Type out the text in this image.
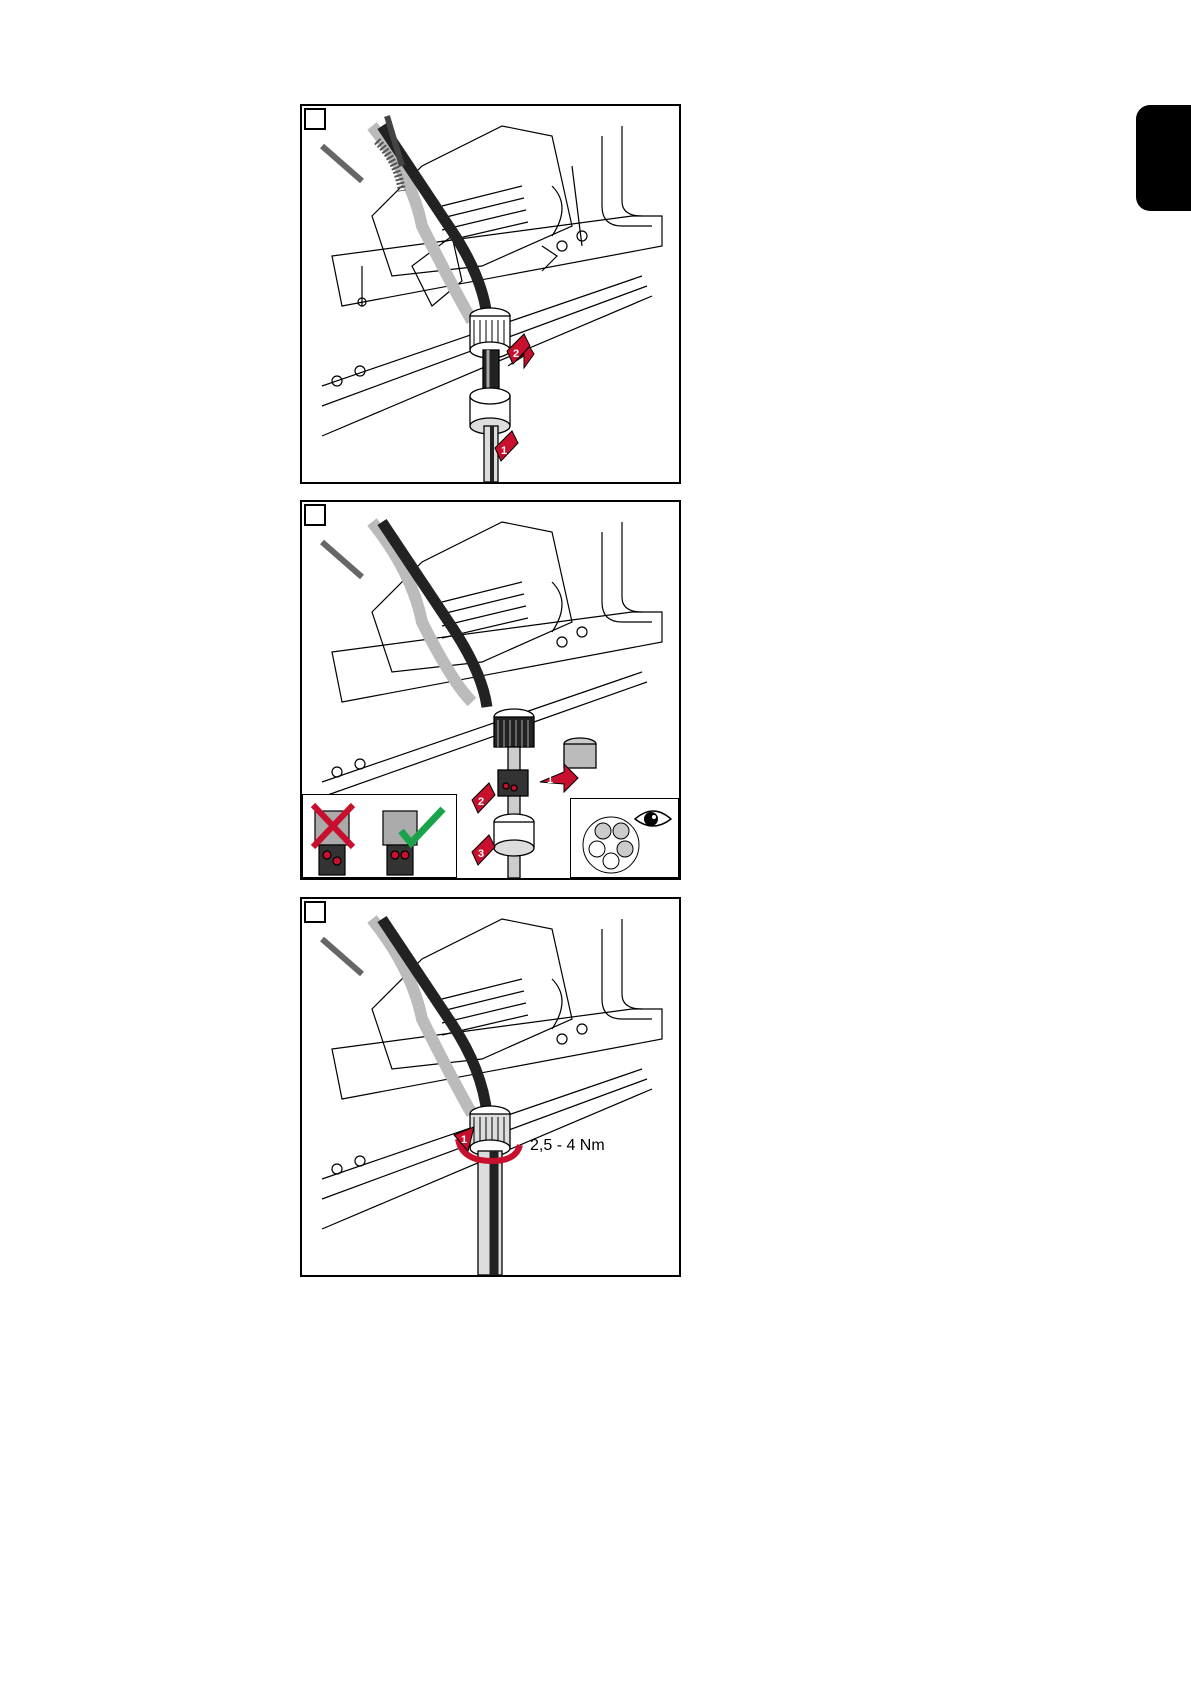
2
1
1
2
3
1	2,5 - 4 Nm
